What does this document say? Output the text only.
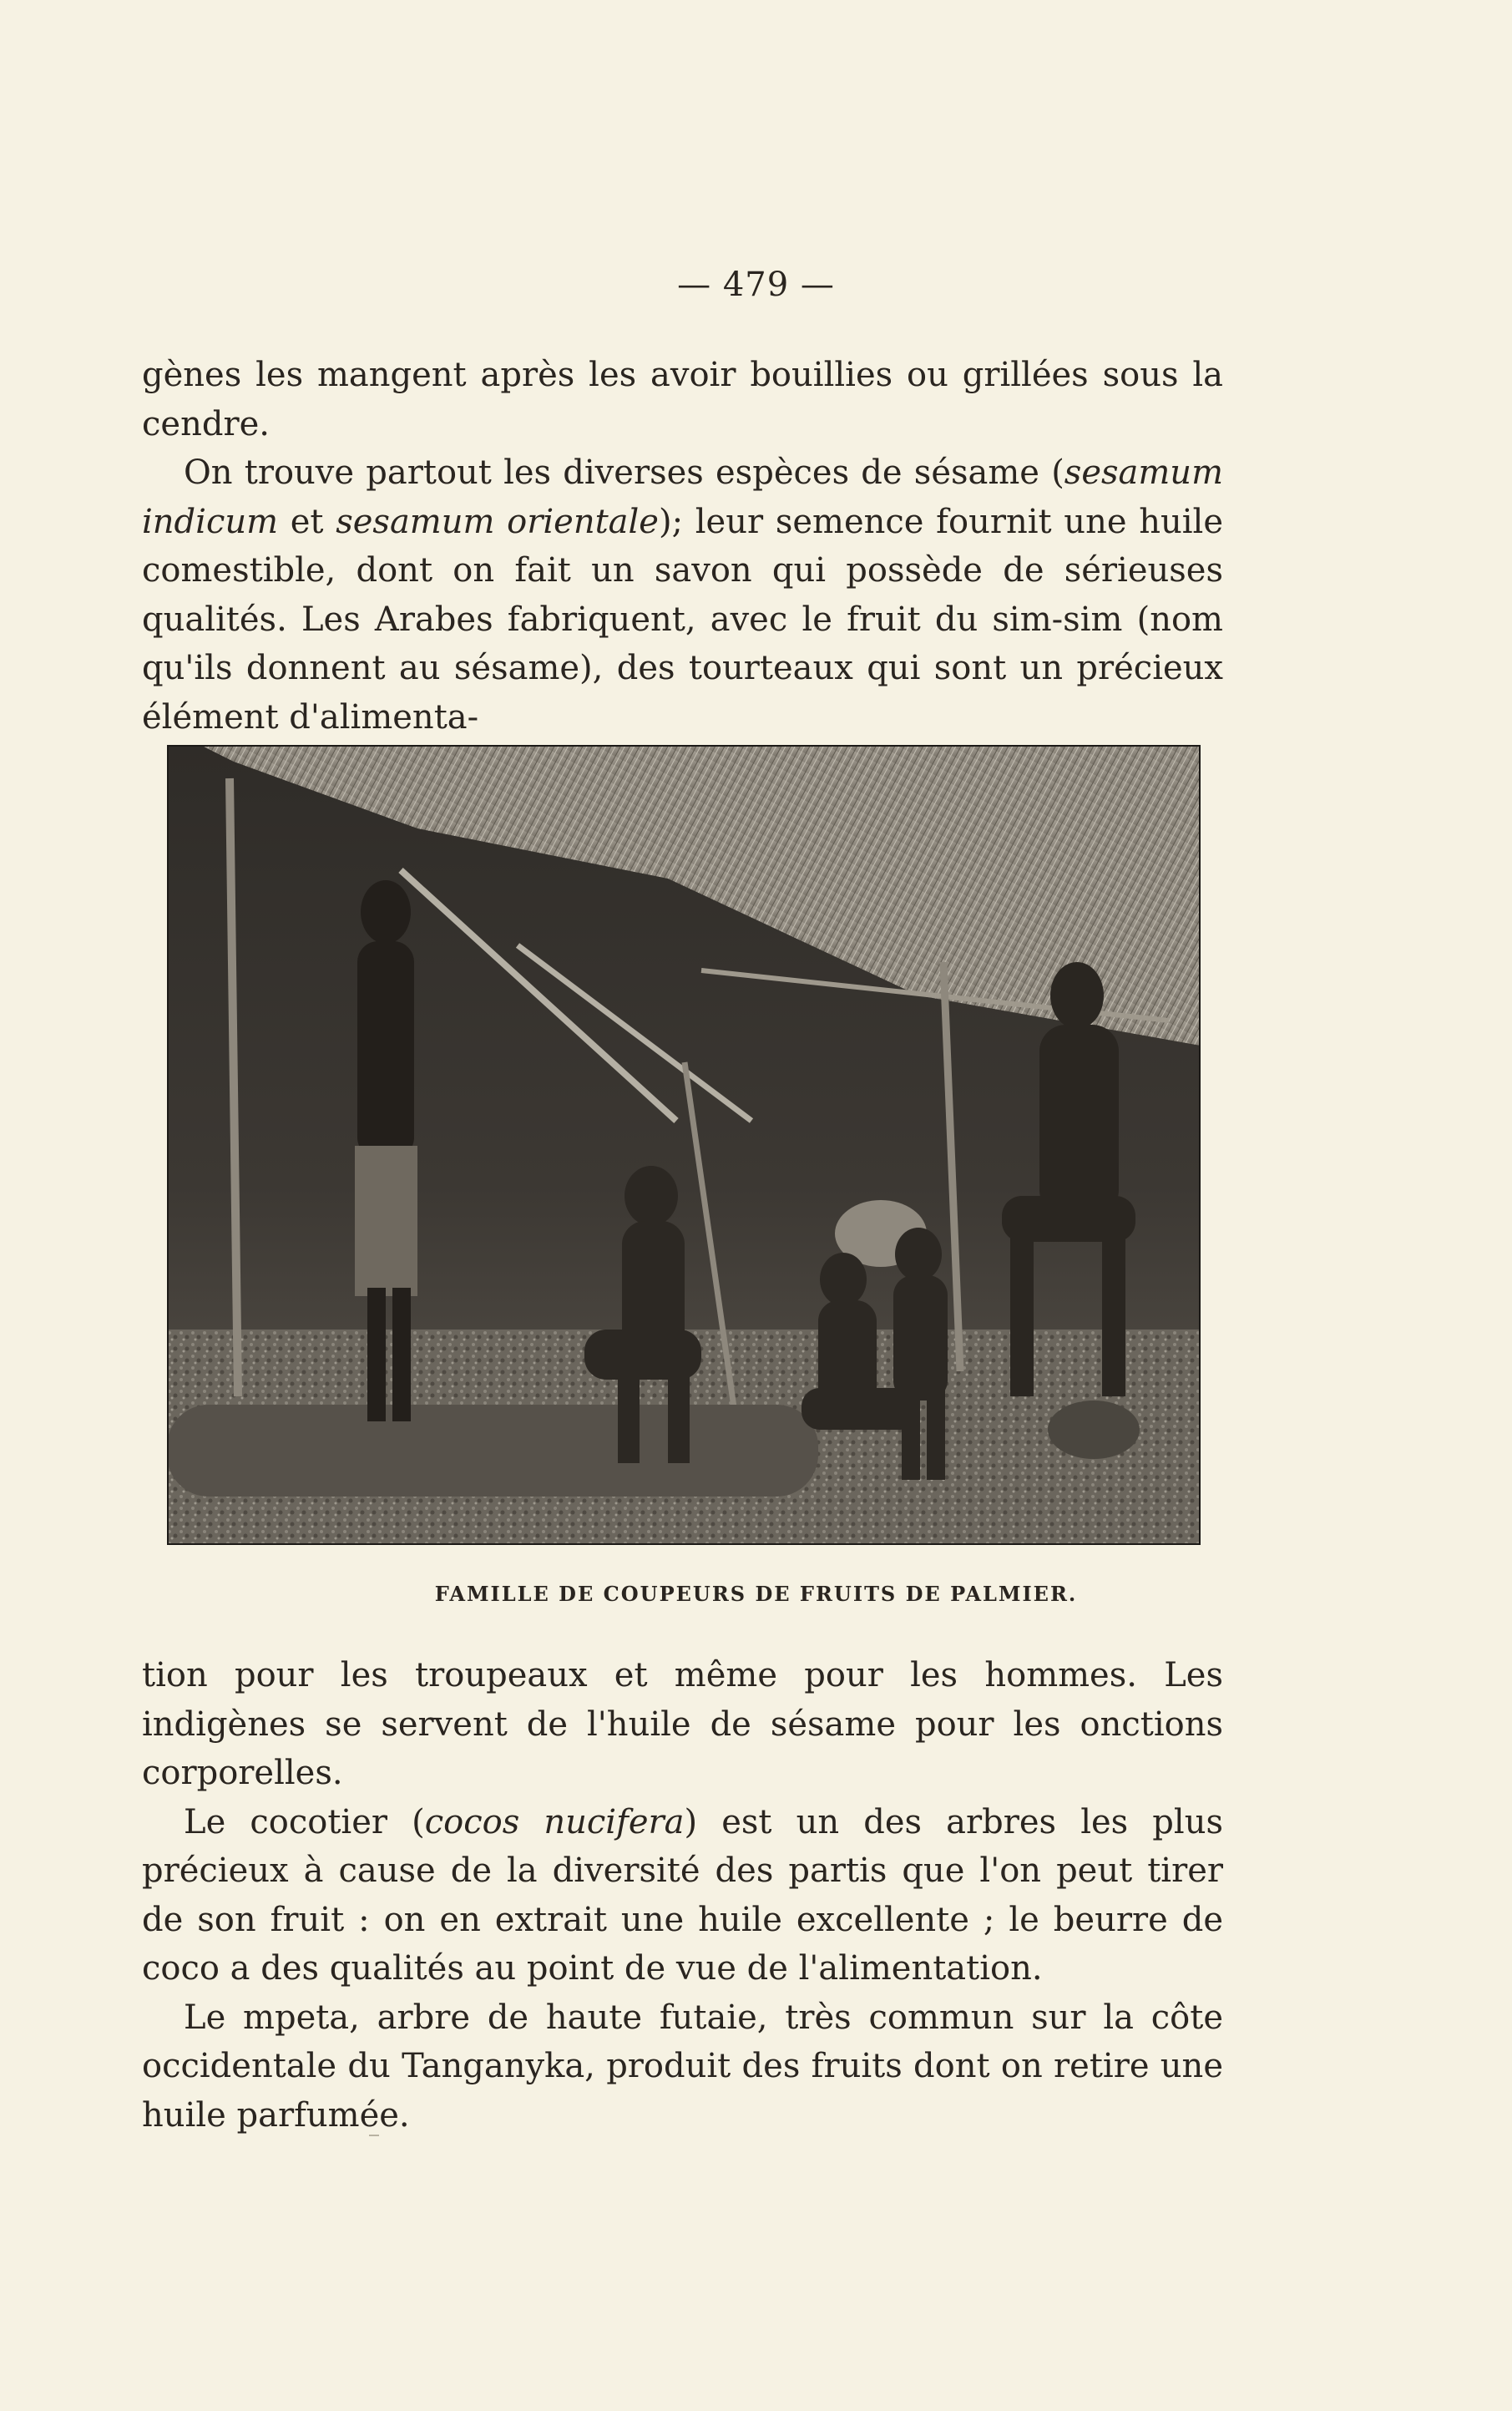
— 479 —

gènes les mangent après les avoir bouillies ou grillées sous la cendre.

On trouve partout les diverses espèces de sésame (sesamum indicum et sesamum orientale); leur semence fournit une huile comestible, dont on fait un savon qui possède de sérieuses qualités. Les Arabes fabriquent, avec le fruit du sim-sim (nom qu'ils donnent au sésame), des tourteaux qui sont un précieux élément d'alimenta-

FAMILLE DE COUPEURS DE FRUITS DE PALMIER.

tion pour les troupeaux et même pour les hommes. Les indigènes se servent de l'huile de sésame pour les onctions corporelles.

Le cocotier (cocos nucifera) est un des arbres les plus précieux à cause de la diversité des partis que l'on peut tirer de son fruit : on en extrait une huile excellente ; le beurre de coco a des qualités au point de vue de l'alimentation.

Le mpeta, arbre de haute futaie, très commun sur la côte occidentale du Tanganyka, produit des fruits dont on retire une huile parfumée.
